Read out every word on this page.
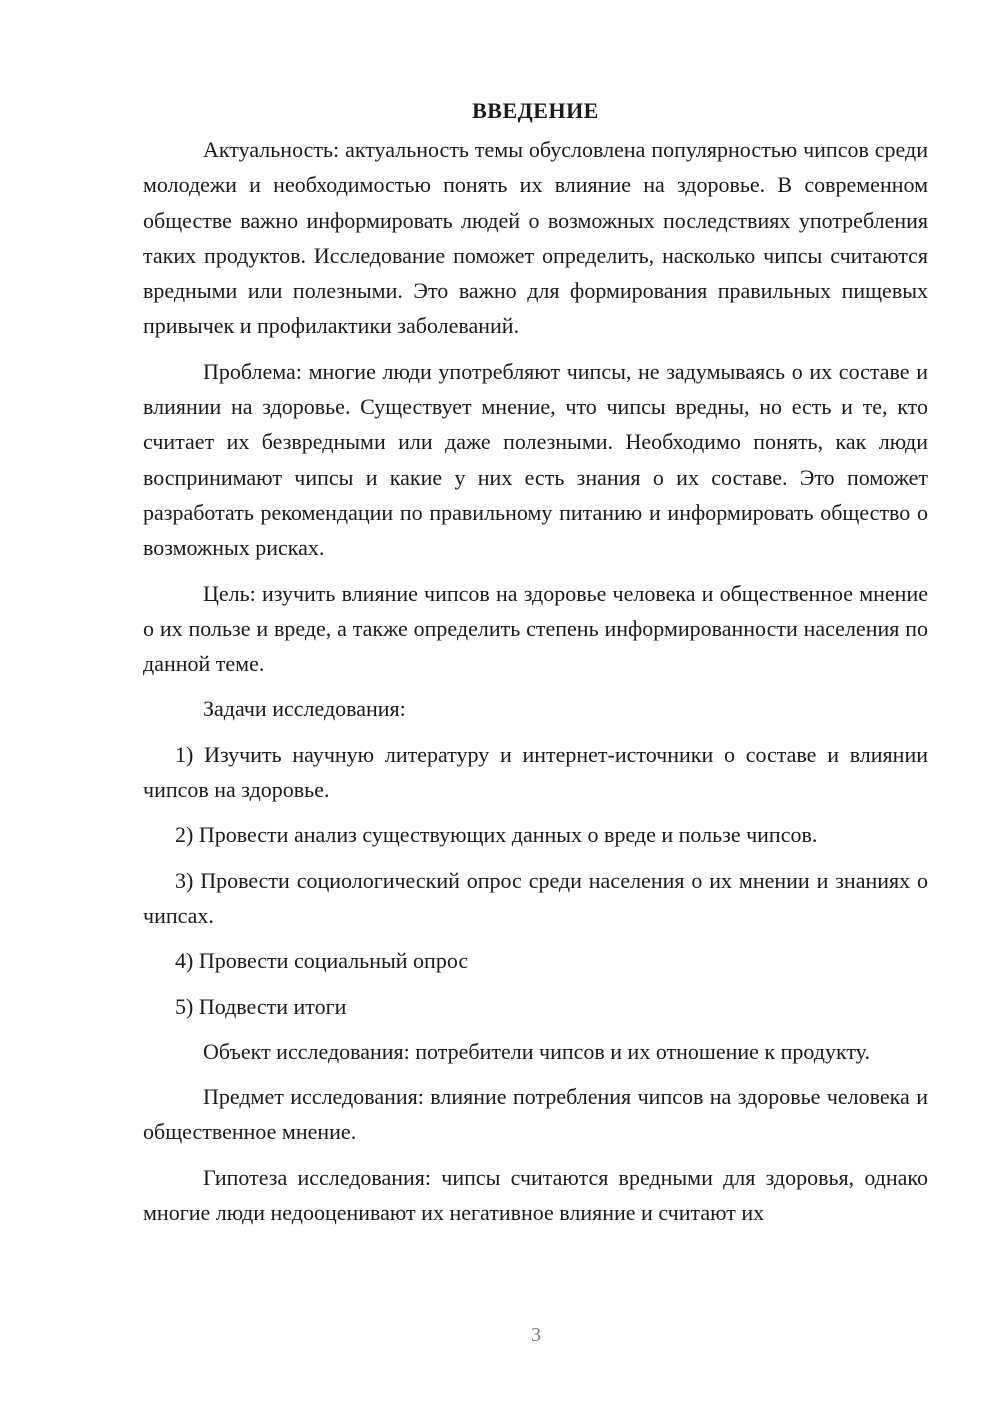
ВВЕДЕНИЕ

Актуальность: актуальность темы обусловлена популярностью чипсов среди молодежи и необходимостью понять их влияние на здоровье. В современном обществе важно информировать людей о возможных последствиях употребления таких продуктов. Исследование поможет определить, насколько чипсы считаются вредными или полезными. Это важно для формирования правильных пищевых привычек и профилактики заболеваний.

Проблема: многие люди употребляют чипсы, не задумываясь о их составе и влиянии на здоровье. Существует мнение, что чипсы вредны, но есть и те, кто считает их безвредными или даже полезными. Необходимо понять, как люди воспринимают чипсы и какие у них есть знания о их составе. Это поможет разработать рекомендации по правильному питанию и информировать общество о возможных рисках.

Цель: изучить влияние чипсов на здоровье человека и общественное мнение о их пользе и вреде, а также определить степень информированности населения по данной теме.

Задачи исследования:

1) Изучить научную литературу и интернет-источники о составе и влиянии чипсов на здоровье.

2) Провести анализ существующих данных о вреде и пользе чипсов.

3) Провести социологический опрос среди населения о их мнении и знаниях о чипсах.

4) Провести социальный опрос

5) Подвести итоги

Объект исследования: потребители чипсов и их отношение к продукту.

Предмет исследования: влияние потребления чипсов на здоровье человека и общественное мнение.

Гипотеза исследования: чипсы считаются вредными для здоровья, однако многие люди недооценивают их негативное влияние и считают их

3
